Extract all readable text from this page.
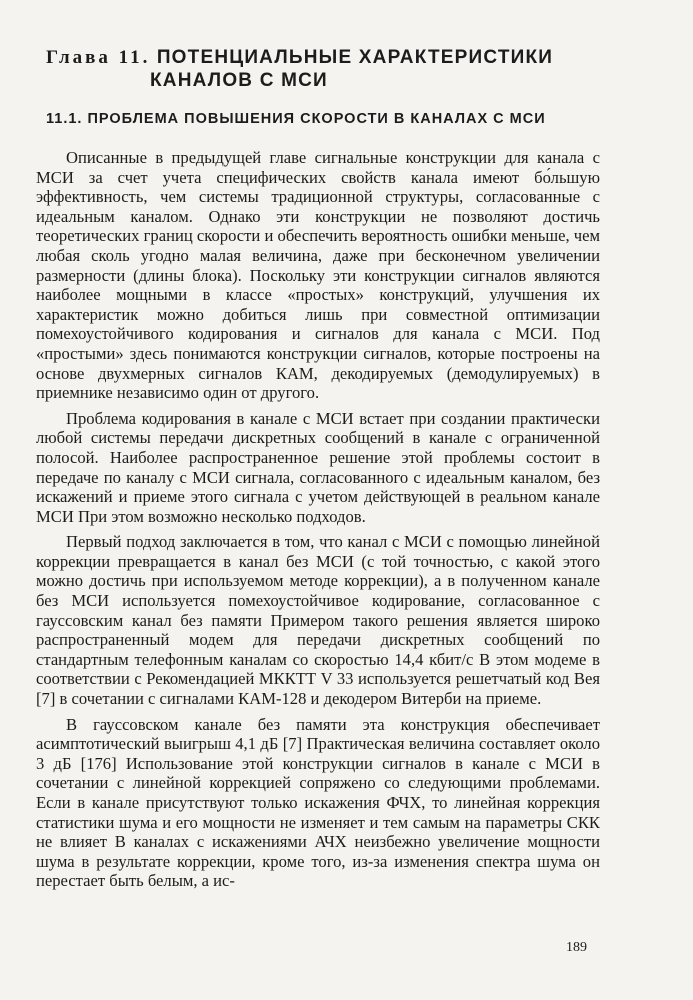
Глава 11. ПОТЕНЦИАЛЬНЫЕ ХАРАКТЕРИСТИКИ
КАНАЛОВ С МСИ
11.1. ПРОБЛЕМА ПОВЫШЕНИЯ СКОРОСТИ В КАНАЛАХ С МСИ

Описанные в предыдущей главе сигнальные конструкции для канала с МСИ за счет учета специфических свойств канала имеют бо́льшую эффективность, чем системы традиционной структуры, согласованные с идеальным каналом. Однако эти конструкции не позволяют достичь теоретических границ скорости и обеспечить вероятность ошибки меньше, чем любая сколь угодно малая величина, даже при бесконечном увеличении размерности (длины блока). Поскольку эти конструкции сигналов являются наиболее мощными в классе «простых» конструкций, улучшения их характеристик можно добиться лишь при совместной оптимизации помехоустойчивого кодирования и сигналов для канала с МСИ. Под «простыми» здесь понимаются конструкции сигналов, которые построены на основе двухмерных сигналов КАМ, декодируемых (демодулируемых) в приемнике независимо один от другого.

Проблема кодирования в канале с МСИ встает при создании практически любой системы передачи дискретных сообщений в канале с ограниченной полосой. Наиболее распространенное решение этой проблемы состоит в передаче по каналу с МСИ сигнала, согласованного с идеальным каналом, без искажений и приеме этого сигнала с учетом действующей в реальном канале МСИ При этом возможно несколько подходов.

Первый подход заключается в том, что канал с МСИ с помощью линейной коррекции превращается в канал без МСИ (с той точностью, с какой этого можно достичь при используемом методе коррекции), а в полученном канале без МСИ используется помехоустойчивое кодирование, согласованное с гауссовским канал без памяти Примером такого решения является широко распространенный модем для передачи дискретных сообщений по стандартным телефонным каналам со скоростью 14,4 кбит/с В этом модеме в соответствии с Рекомендацией МККТТ V 33 используется решетчатый код Вея [7] в сочетании с сигналами КАМ-128 и декодером Витерби на приеме.

В гауссовском канале без памяти эта конструкция обеспечивает асимптотический выигрыш 4,1 дБ [7] Практическая величина составляет около 3 дБ [176] Использование этой конструкции сигналов в канале с МСИ в сочетании с линейной коррекцией сопряжено со следующими проблемами. Если в канале присутствуют только искажения ФЧХ, то линейная коррекция статистики шума и его мощности не изменяет и тем самым на параметры СКК не влияет В каналах с искажениями АЧХ неизбежно увеличение мощности шума в результате коррекции, кроме того, из-за изменения спектра шума он перестает быть белым, а ис-

189
